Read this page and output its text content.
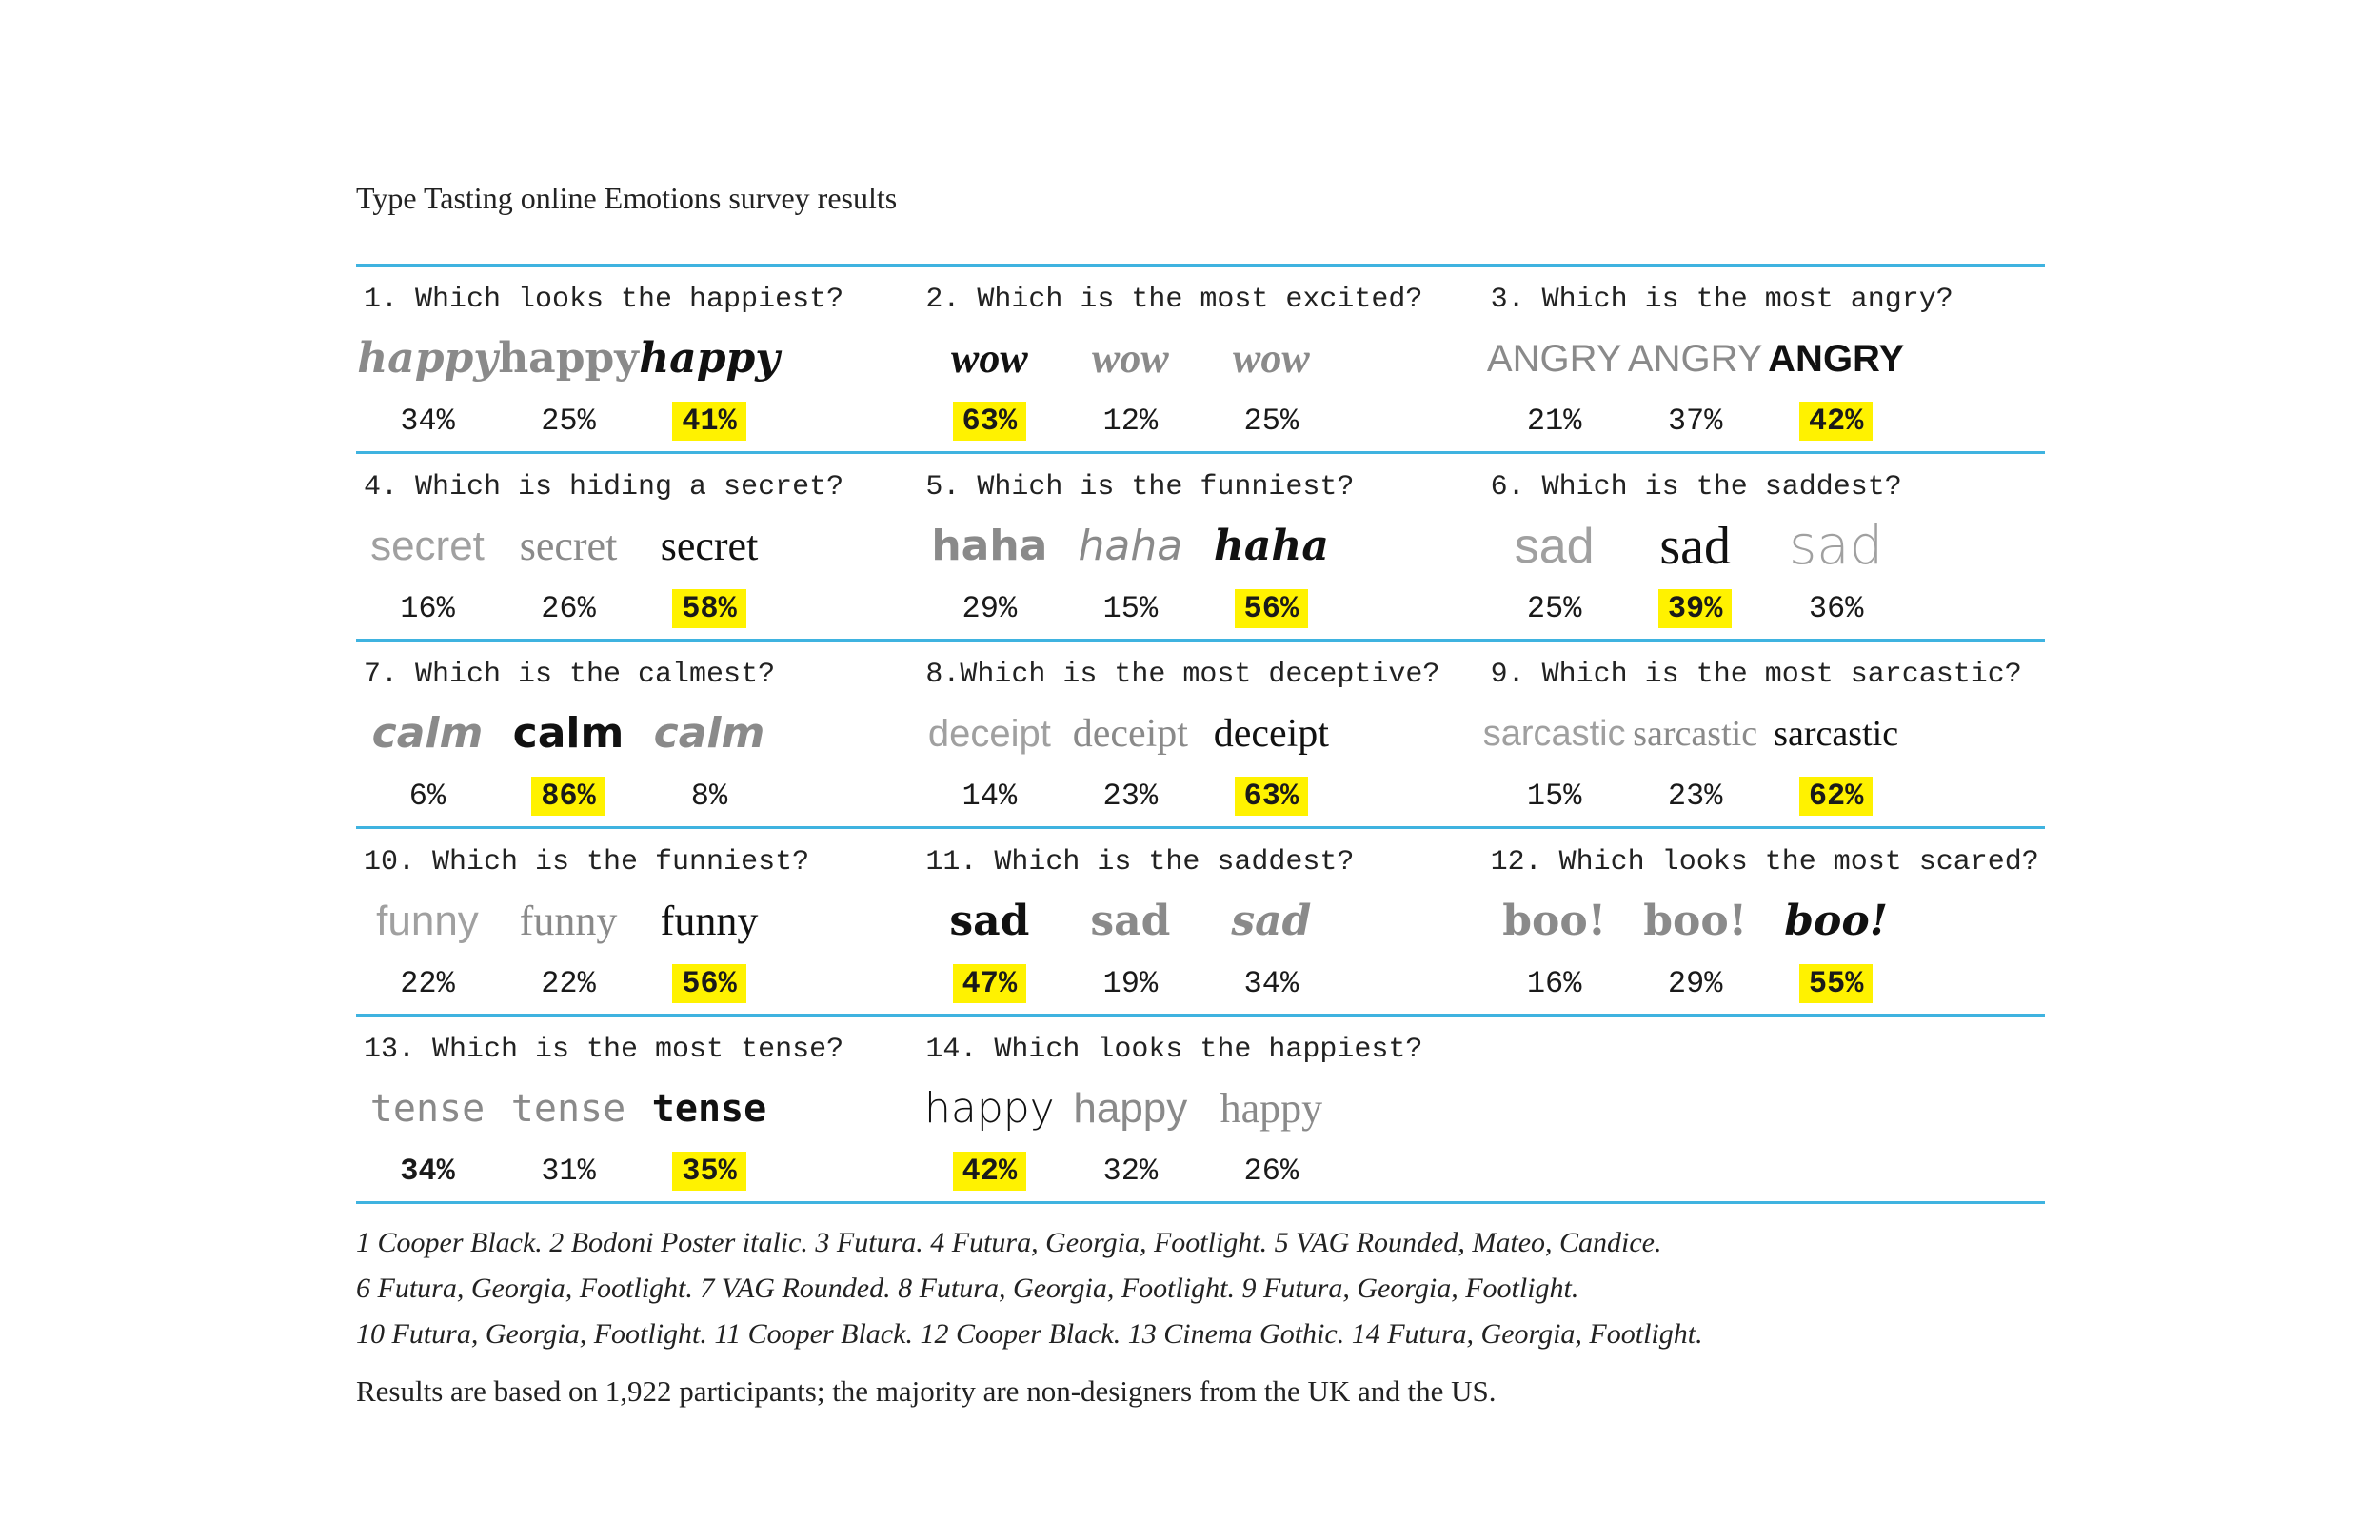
Type Tasting online Emotions survey results
1. Which looks the happiest?
happy happy happy
34%	25%	41%
2. Which is the most excited?
wow	wow	wow
63%	12%	25%
3. Which is the most angry?
ANGRY ANGRY ANGRY
21%	37%	42%
4. Which is hiding a secret?
secret secret	secret
16%	26%	58%
5. Which is the funniest?
haha haha haha
29%	15%	56%
6. Which is the saddest?
sad	sad	sad
25%	39%	36%
7. Which is the calmest?
calm calm calm
6%	86%	8%
8.Which is the most deceptive?
deceipt deceipt deceipt
14%	23%	63%
9. Which is the most sarcastic?
sarcastic sarcastic sarcastic
15%	23%	62%
10. Which is the funniest?
funny funny	funny
22%	22%	56%
11. Which is the saddest?
sad	sad	sad
47%	19%	34%
12. Which looks the most scared?
boo! boo! boo!
16%	29%	55%
13. Which is the most tense?
tense tense tense
34%	31%	35%
14. Which looks the happiest?
happy happy happy
42%	32%	26%
1 Cooper Black. 2 Bodoni Poster italic. 3 Futura. 4 Futura, Georgia, Footlight. 5 VAG Rounded, Mateo, Candice.
6 Futura, Georgia, Footlight. 7 VAG Rounded. 8 Futura, Georgia, Footlight. 9 Futura, Georgia, Footlight.
10 Futura, Georgia, Footlight. 11 Cooper Black. 12 Cooper Black. 13 Cinema Gothic. 14 Futura, Georgia, Footlight.
Results are based on 1,922 participants; the majority are non-designers from the UK and the US.
